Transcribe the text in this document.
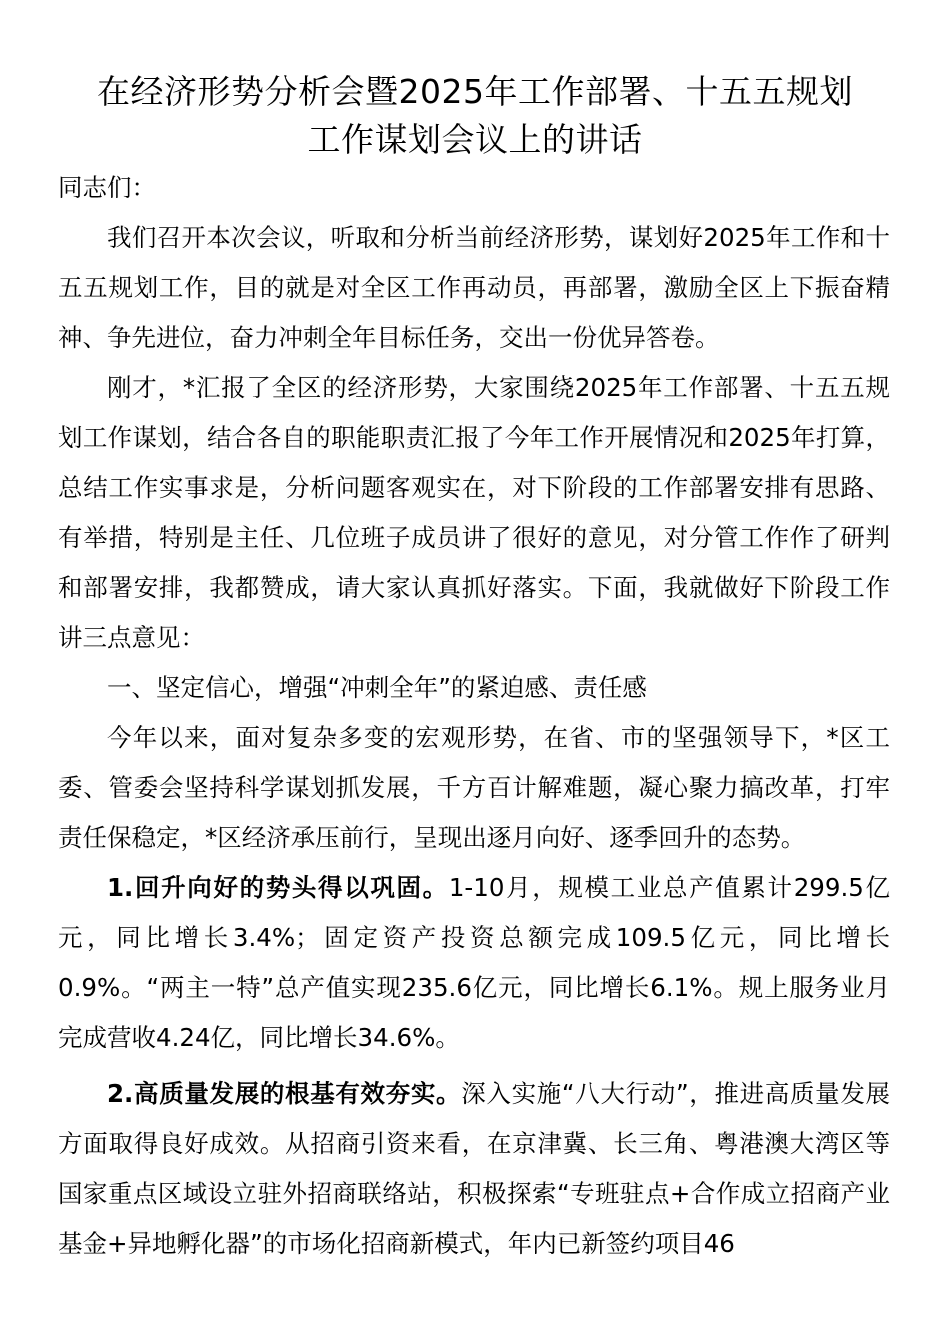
在经济形势分析会暨2025年工作部署、十五五规划
工作谋划会议上的讲话

同志们：

我们召开本次会议，听取和分析当前经济形势，谋划好2025年工作和十五五规划工作，目的就是对全区工作再动员，再部署，激励全区上下振奋精神、争先进位，奋力冲刺全年目标任务，交出一份优异答卷。

刚才，*汇报了全区的经济形势，大家围绕2025年工作部署、十五五规划工作谋划，结合各自的职能职责汇报了今年工作开展情况和2025年打算，总结工作实事求是，分析问题客观实在，对下阶段的工作部署安排有思路、有举措，特别是主任、几位班子成员讲了很好的意见，对分管工作作了研判和部署安排，我都赞成，请大家认真抓好落实。下面，我就做好下阶段工作讲三点意见：

一、坚定信心，增强“冲刺全年”的紧迫感、责任感

今年以来，面对复杂多变的宏观形势，在省、市的坚强领导下，*区工委、管委会坚持科学谋划抓发展，千方百计解难题，凝心聚力搞改革，打牢责任保稳定，*区经济承压前行，呈现出逐月向好、逐季回升的态势。

1.回升向好的势头得以巩固。1-10月，规模工业总产值累计299.5亿元，同比增长3.4%；固定资产投资总额完成109.5亿元，同比增长0.9%。“两主一特”总产值实现235.6亿元，同比增长6.1%。规上服务业月完成营收4.24亿，同比增长34.6%。

2.高质量发展的根基有效夯实。深入实施“八大行动”，推进高质量发展方面取得良好成效。从招商引资来看，在京津冀、长三角、粤港澳大湾区等国家重点区域设立驻外招商联络站，积极探索“专班驻点+合作成立招商产业基金+异地孵化器”的市场化招商新模式，年内已新签约项目46
